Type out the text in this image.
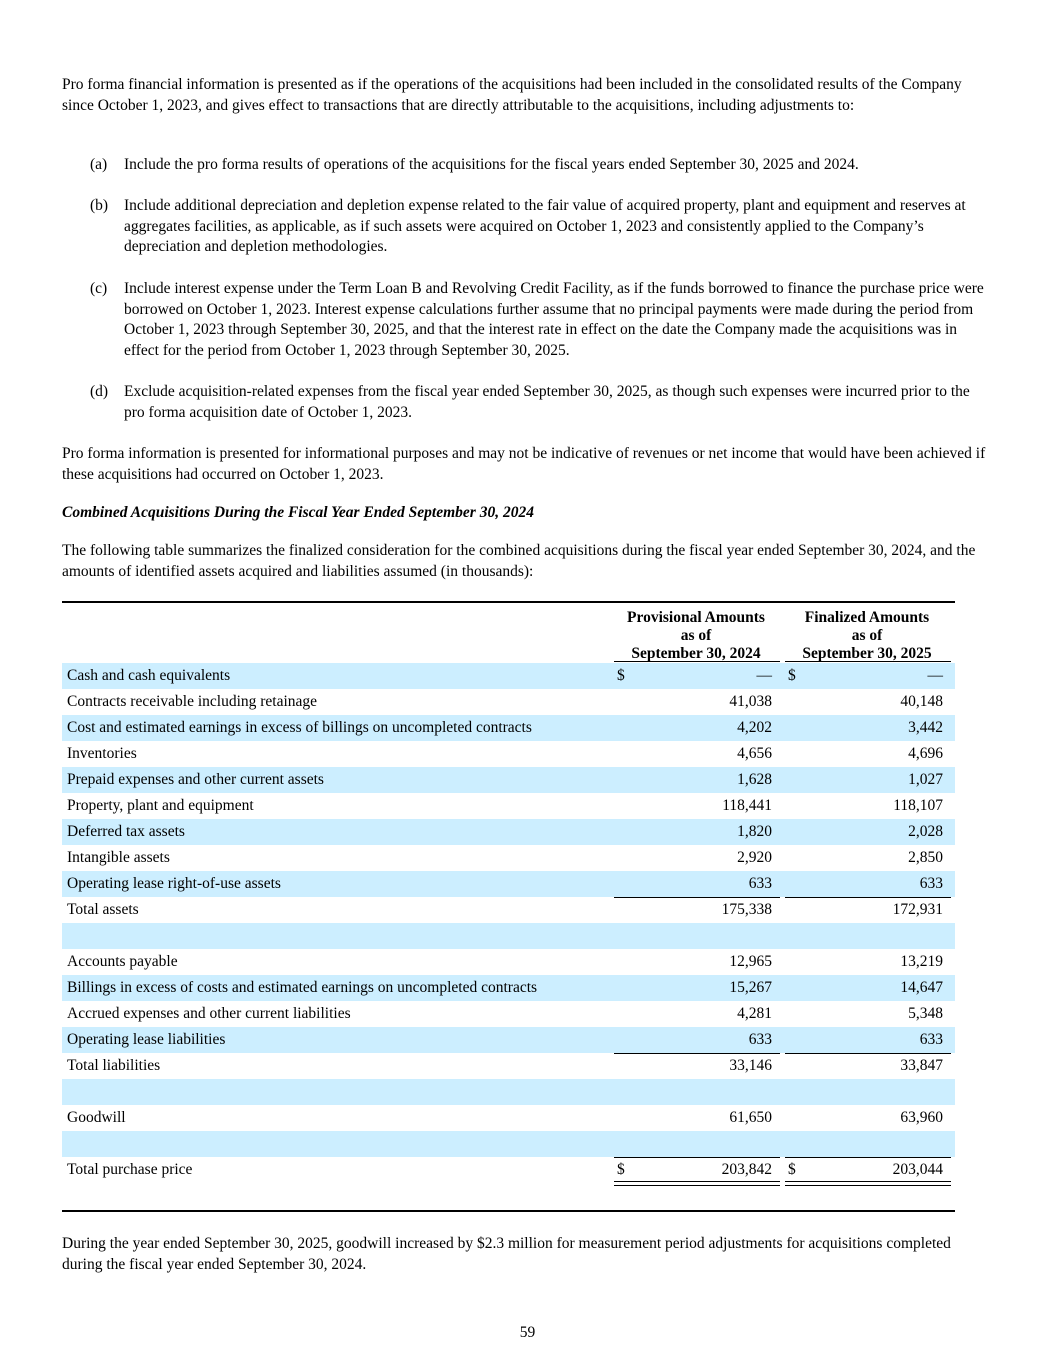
Pro forma financial information is presented as if the operations of the acquisitions had been included in the consolidated results of the Company since October 1, 2023, and gives effect to transactions that are directly attributable to the acquisitions, including adjustments to:

(a)	Include the pro forma results of operations of the acquisitions for the fiscal years ended September 30, 2025 and 2024.
(b)	Include additional depreciation and depletion expense related to the fair value of acquired property, plant and equipment and reserves at aggregates facilities, as applicable, as if such assets were acquired on October 1, 2023 and consistently applied to the Company’s depreciation and depletion methodologies.
(c)	Include interest expense under the Term Loan B and Revolving Credit Facility, as if the funds borrowed to finance the purchase price were borrowed on October 1, 2023. Interest expense calculations further assume that no principal payments were made during the period from October 1, 2023 through September 30, 2025, and that the interest rate in effect on the date the Company made the acquisitions was in effect for the period from October 1, 2023 through September 30, 2025.
(d)	Exclude acquisition-related expenses from the fiscal year ended September 30, 2025, as though such expenses were incurred prior to the pro forma acquisition date of October 1, 2023.

Pro forma information is presented for informational purposes and may not be indicative of revenues or net income that would have been achieved if these acquisitions had occurred on October 1, 2023.

Combined Acquisitions During the Fiscal Year Ended September 30, 2024

The following table summarizes the finalized consideration for the combined acquisitions during the fiscal year ended September 30, 2024, and the amounts of identified assets acquired and liabilities assumed (in thousands):

Provisional Amounts
as of
September 30, 2024
Finalized Amounts
as of
September 30, 2025
Cash and cash equivalents	$	— $	—
Contracts receivable including retainage	41,038	40,148
Cost and estimated earnings in excess of billings on uncompleted contracts	4,202	3,442
Inventories	4,656	4,696
Prepaid expenses and other current assets	1,628	1,027
Property, plant and equipment	118,441	118,107
Deferred tax assets	1,820	2,028
Intangible assets	2,920	2,850
Operating lease right-of-use assets	633	633
Total assets	175,338	172,931
Accounts payable	12,965	13,219
Billings in excess of costs and estimated earnings on uncompleted contracts	15,267	14,647
Accrued expenses and other current liabilities	4,281	5,348
Operating lease liabilities	633	633
Total liabilities	33,146	33,847
Goodwill	61,650	63,960
Total purchase price	$	203,842 $	203,044

During the year ended September 30, 2025, goodwill increased by $2.3 million for measurement period adjustments for acquisitions completed during the fiscal year ended September 30, 2024.

59
